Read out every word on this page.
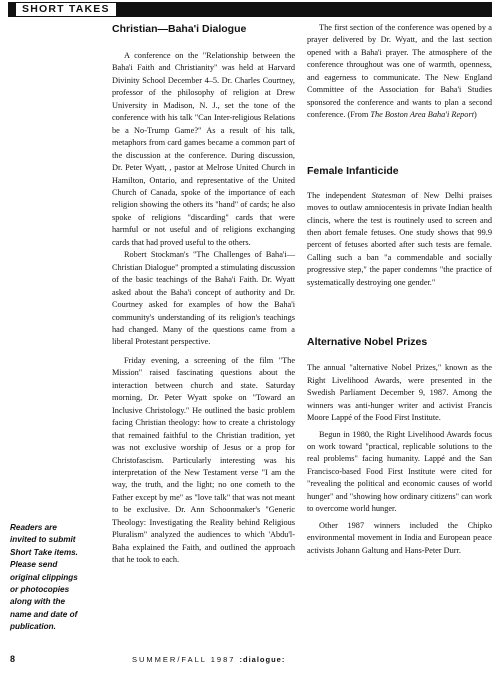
SHORT TAKES
Christian—Baha'i Dialogue

A conference on the "Relationship between the Baha'i Faith and Christianity" was held at Harvard Divinity School December 4–5. Dr. Charles Courtney, professor of the philosophy of religion at Drew University in Madison, N. J., set the tone of the conference with his talk "Can Inter-religious Relations be a No-Trump Game?" As a result of his talk, metaphors from card games became a common part of the discussion at the conference. During discussion, Dr. Peter Wyatt, , pastor at Melrose United Church in Hamilton, Ontario, and representative of the United Church of Canada, spoke of the importance of each religion showing the others its "hand" of cards; he also spoke of religions "discarding" cards that were harmful or not useful and of religions exchanging cards that had proved useful to the others.

Robert Stockman's "The Challenges of Baha'i—Christian Dialogue" prompted a stimulating discussion of the basic teachings of the Baha'i Faith. Dr. Wyatt asked about the Baha'i concept of authority and Dr. Courtney asked for examples of how the Baha'i community's understanding of its religion's teachings had changed. Many of the questions came from a liberal Protestant perspective.

Friday evening, a screening of the film "The Mission" raised fascinating questions about the interaction between church and state. Saturday morning, Dr. Peter Wyatt spoke on "Toward an Inclusive Christology." He outlined the basic problem facing Christian theology: how to create a christology that remained faithful to the Christian tradition, yet was not exclusive worship of Jesus or a prop for Christofascism. Particularly interesting was his interpretation of the New Testament verse "I am the way, the truth, and the light; no one cometh to the Father except by me" as "love talk" that was not meant to be exclusive. Dr. Ann Schoonmaker's "Generic Theology: Investigating the Reality behind Religious Pluralism" analyzed the audiences to which 'Abdu'l-Baha explained the Faith, and outlined the approach that he took to each.

The first section of the conference was opened by a prayer delivered by Dr. Wyatt, and the last section opened with a Baha'i prayer. The atmosphere of the conference throughout was one of warmth, openness, and eagerness to communicate. The New England Committee of the Association for Baha'i Studies sponsored the conference and wants to plan a second conference. (From The Boston Area Baha'i Report)

Female Infanticide

The independent Statesman of New Delhi praises moves to outlaw amniocentesis in private Indian health clincis, where the test is routinely used to screen and then abort female fetuses. One study shows that 99.9 percent of fetuses aborted after such tests are female. Calling such a ban "a commendable and socially progressive step," the paper condemns "the practice of systematically destroying one gender."

Alternative Nobel Prizes

The annual "alternative Nobel Prizes," known as the Right Livelihood Awards, were presented in the Swedish Parliament December 9, 1987. Among the winners was anti-hunger writer and activist Francis Moore Lappé of the Food First Institute.

Begun in 1980, the Right Livelihood Awards focus on work toward "practical, replicable solutions to the real problems" facing humanity. Lappé and the San Francisco-based Food First Institute were cited for "revealing the political and economic causes of world hunger" and "showing how ordinary citizens" can work to overcome world hunger.

Other 1987 winners included the Chipko environmental movement in India and European peace activists Johann Galtung and Hans-Peter Durr.

Readers are
invited to submit
Short Take items.
Please send
original clippings
or photocopies
along with the
name and date of
publication.
8	SUMMER/FALL 1987 :dialogue:
